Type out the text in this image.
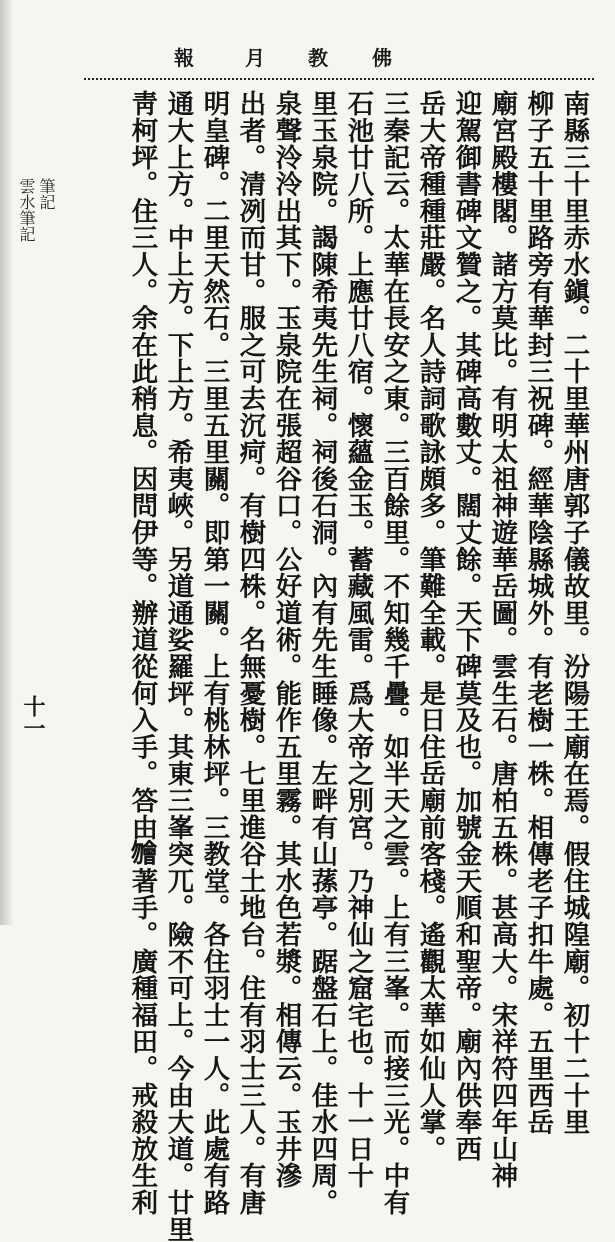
佛
教
月
報
南縣三十里赤水鎭。二十里華州唐郭子儀故里。汾陽王廟在焉。假住城隍廟。初十二十里
柳子五十里路旁有華封三祝碑。經華陰縣城外。有老樹一株。相傳老子扣牛處。五里西岳
廟宮殿樓閣。諸方莫比。有明太祖神遊華岳圖。雲生石。唐柏五株。甚高大。宋祥符四年山神
迎駕御書碑文贊之。其碑高數丈。闊丈餘。天下碑莫及也。加號金天順和聖帝。廟內供奉西
岳大帝種種莊嚴。名人詩詞歌詠頗多。筆難全載。是日住岳廟前客棧。遙觀太華如仙人掌。
三秦記云。太華在長安之東。三百餘里。不知幾千疊。如半天之雲。上有三峯。而接三光。中有
石池廿八所。上應廿八宿。懷蘊金玉。蓄藏風雷。爲大帝之別宮。乃神仙之窟宅也。十一日十
里玉泉院。謁陳希夷先生祠。祠後石洞。內有先生睡像。左畔有山蓀亭。踞盤石上。佳水四周。
泉聲泠泠出其下。玉泉院在張超谷口。公好道術。能作五里霧。其水色若漿。相傳云。玉井滲
出者。清冽而甘。服之可去沉疴。有樹四株。名無憂樹。七里進谷土地台。住有羽士三人。有唐
明皇碑。二里天然石。三里五里關。即第一關。上有桃林坪。三教堂。各住羽士一人。此處有路
通大上方。中上方。下上方。希夷峽。另道通娑羅坪。其東三峯突兀。險不可上。今由大道。廿里
靑柯坪。住三人。余在此稍息。因問伊等。辦道從何入手。答由𣍐著手。廣種福田。戒殺放生利
筆記
雲水筆記
十一
